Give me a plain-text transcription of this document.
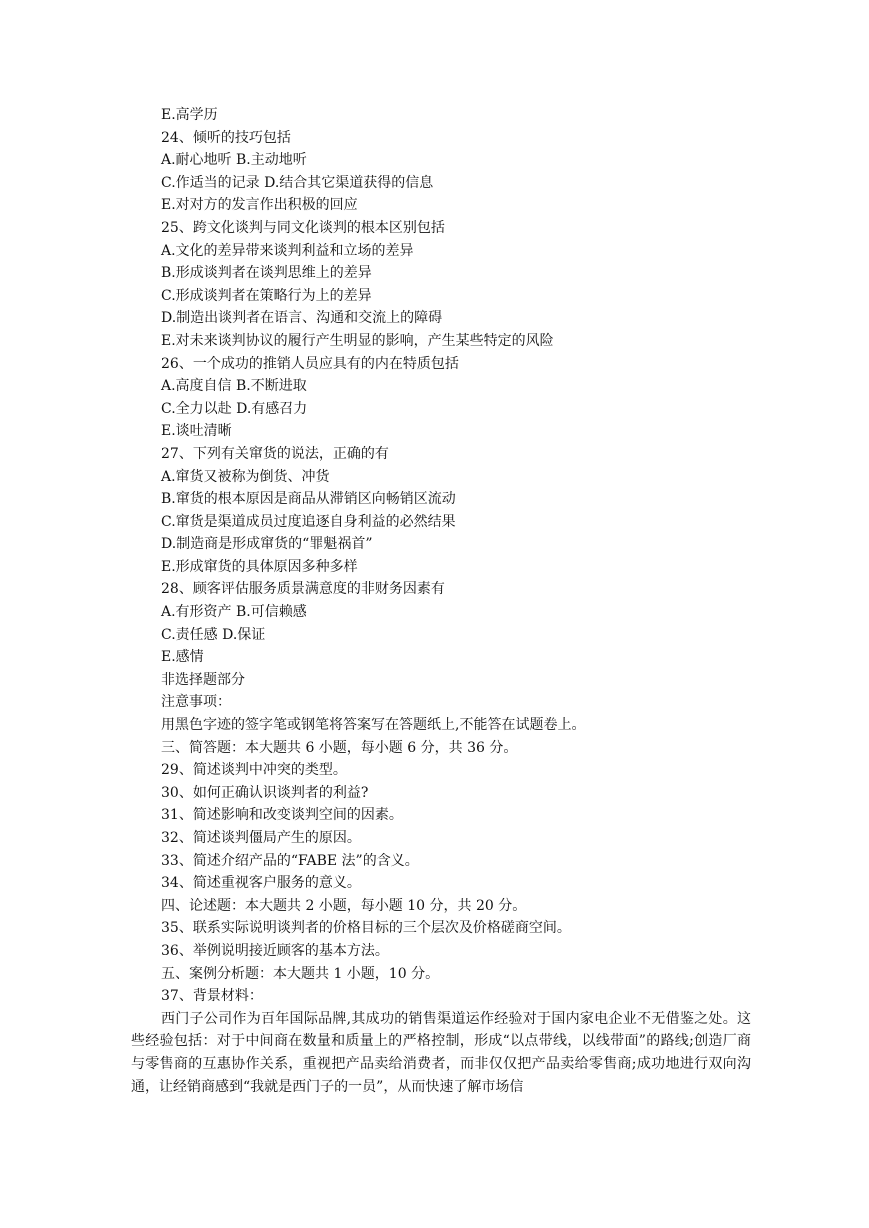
E.高学历
24、倾听的技巧包括
A.耐心地听 B.主动地听
C.作适当的记录 D.结合其它渠道获得的信息
E.对对方的发言作出积极的回应
25、跨文化谈判与同文化谈判的根本区别包括
A.文化的差异带来谈判利益和立场的差异
B.形成谈判者在谈判思维上的差异
C.形成谈判者在策略行为上的差异
D.制造出谈判者在语言、沟通和交流上的障碍
E.对未来谈判协议的履行产生明显的影响，产生某些特定的风险
26、一个成功的推销人员应具有的内在特质包括
A.高度自信 B.不断进取
C.全力以赴 D.有感召力
E.谈吐清晰
27、下列有关窜货的说法，正确的有
A.窜货又被称为倒货、冲货
B.窜货的根本原因是商品从滞销区向畅销区流动
C.窜货是渠道成员过度追逐自身利益的必然结果
D.制造商是形成窜货的“罪魁祸首”
E.形成窜货的具体原因多种多样
28、顾客评估服务质景满意度的非财务因素有
A.有形资产 B.可信赖感
C.责任感 D.保证
E.感情
非选择题部分
注意事项：
用黑色字迹的签字笔或钢笔将答案写在答题纸上,不能答在试题卷上。
三、简答题：本大题共 6 小题，每小题 6 分，共 36 分。
29、简述谈判中冲突的类型。
30、如何正确认识谈判者的利益?
31、简述影响和改变谈判空间的因素。
32、简述谈判僵局产生的原因。
33、简述介绍产品的“FABE 法”的含义。
34、简述重视客户服务的意义。
四、论述题：本大题共 2 小题，每小题 10 分，共 20 分。
35、联系实际说明谈判者的价格目标的三个层次及价格磋商空间。
36、举例说明接近顾客的基本方法。
五、案例分析题：本大题共 1 小题，10 分。
37、背景材料：

西门子公司作为百年国际品牌,其成功的销售渠道运作经验对于国内家电企业不无借鉴之处。这些经验包括：对于中间商在数量和质量上的严格控制，形成“以点带线，以线带面”的路线;创造厂商与零售商的互惠协作关系，重视把产品卖给消费者，而非仅仅把产品卖给零售商;成功地进行双向沟通，让经销商感到“我就是西门子的一员”，从而快速了解市场信
